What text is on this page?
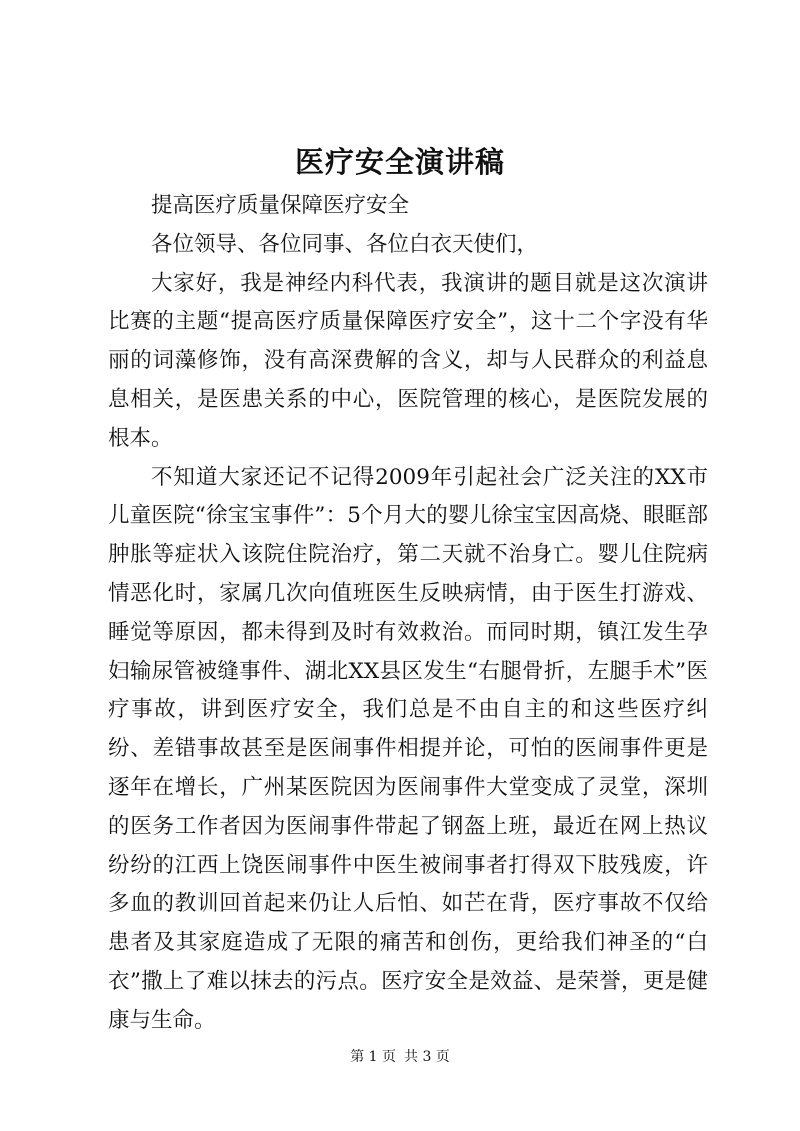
医疗安全演讲稿

提高医疗质量保障医疗安全

各位领导、各位同事、各位白衣天使们，

大家好，我是神经内科代表，我演讲的题目就是这次演讲比赛的主题“提高医疗质量保障医疗安全”，这十二个字没有华丽的词藻修饰，没有高深费解的含义，却与人民群众的利益息息相关，是医患关系的中心，医院管理的核心，是医院发展的根本。

不知道大家还记不记得2009年引起社会广泛关注的XX市儿童医院“徐宝宝事件”：5个月大的婴儿徐宝宝因高烧、眼眶部肿胀等症状入该院住院治疗，第二天就不治身亡。婴儿住院病情恶化时，家属几次向值班医生反映病情，由于医生打游戏、睡觉等原因，都未得到及时有效救治。而同时期，镇江发生孕妇输尿管被缝事件、湖北XX县区发生“右腿骨折，左腿手术”医疗事故，讲到医疗安全，我们总是不由自主的和这些医疗纠纷、差错事故甚至是医闹事件相提并论，可怕的医闹事件更是逐年在增长，广州某医院因为医闹事件大堂变成了灵堂，深圳的医务工作者因为医闹事件带起了钢盔上班，最近在网上热议纷纷的江西上饶医闹事件中医生被闹事者打得双下肢残废，许多血的教训回首起来仍让人后怕、如芒在背，医疗事故不仅给患者及其家庭造成了无限的痛苦和创伤，更给我们神圣的“白衣”撒上了难以抹去的污点。医疗安全是效益、是荣誉，更是健康与生命。

第 1 页 共 3 页
